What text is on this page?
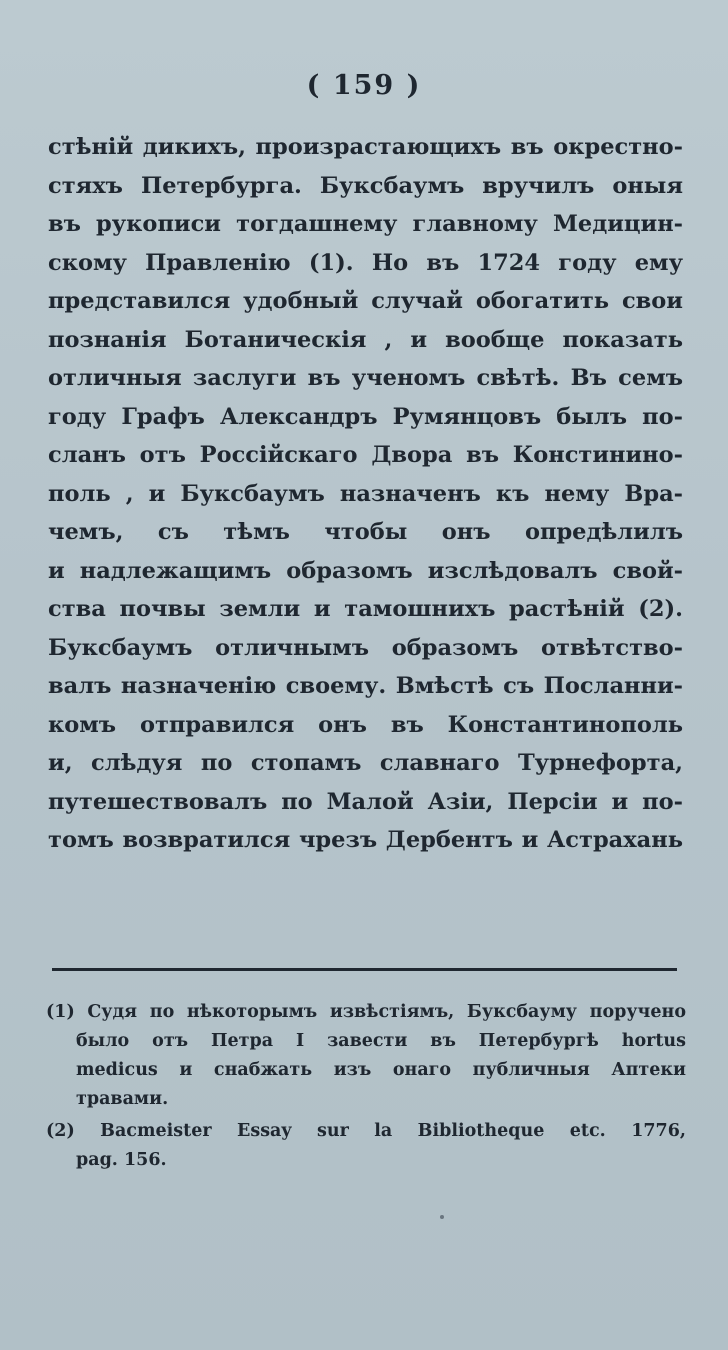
( 159 )
стѣній дикихъ, произрастающихъ въ окрестно-
стяхъ Петербурга. Буксбаумъ вручилъ оныя
въ рукописи тогдашнему главному Медицин-
скому Правленію (1). Но въ 1724 году ему
представился удобный случай обогатить свои
познанія Ботаническія , и вообще показать
отличныя заслуги въ ученомъ свѣтѣ. Въ семъ
году Графъ Александръ Румянцовъ былъ по-
сланъ отъ Россійскаго Двора въ Констинино-
поль , и Буксбаумъ назначенъ къ нему Вра-
чемъ, съ тѣмъ чтобы онъ опредѣлилъ
и надлежащимъ образомъ изслѣдовалъ свой-
ства почвы земли и тамошнихъ растѣній (2).
Буксбаумъ отличнымъ образомъ отвѣтство-
валъ назначенію своему. Вмѣстѣ съ Посланни-
комъ отправился онъ въ Константинополь
и, слѣдуя по стопамъ славнаго Турнефорта,
путешествовалъ по Малой Азіи, Персіи и по-
томъ возвратился чрезъ Дербентъ и Астрахань
(1) Судя по нѣкоторымъ извѣстіямъ, Буксбауму поручено
было отъ Петра I завести въ Петербургѣ hortus
medicus и снабжать изъ онаго публичныя Аптеки
травами.
(2) Bacmeister Essay sur la Bibliotheque etc. 1776,
pag. 156.
